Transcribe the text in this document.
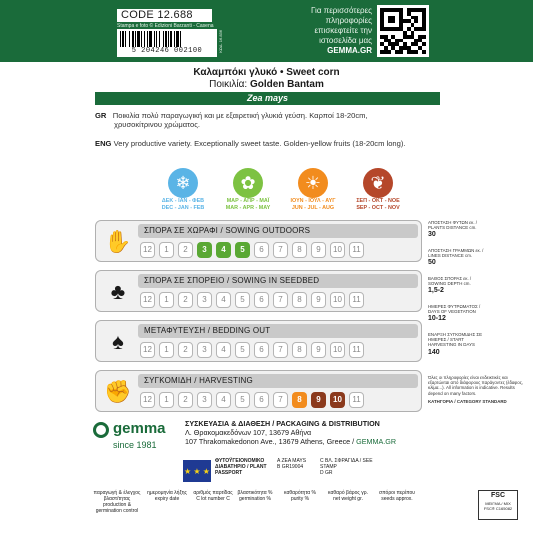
CODE 12.688
Stampa e foto © Edizioni Barzanti - Casena
5 204246 002100	ΚΩΔ. 16.836
Για περισσότερες
πληροφορίες
επισκεφτείτε την
ιστοσελίδα μας
GEMMA.GR
Καλαμπόκι γλυκό • Sweet corn
Ποικιλία: Golden Bantam
Zea mays
GR Ποικιλία πολύ παραγωγική και με εξαιρετική γλυκιά γεύση. Καρποί 18-20cm,
χρυσοκίτρινου χρώματος.
ENG Very productive variety. Exceptionally sweet taste. Golden-yellow fruits (18-20cm long).
❄
ΔΕΚ - ΙΑΝ - ΦΕΒ
DEC - JAN - FEB
✿
ΜΑΡ - ΑΠΡ - ΜΑΪ
MAR - APR - MAY
☀
ΙΟΥΝ - ΙΟΥΛ - ΑΥΓ
JUN - JUL - AUG
❦
ΣΕΠ - ΟΚΤ - ΝΟΕ
SEP - OCT - NOV
✋	ΣΠΟΡΑ ΣΕ ΧΩΡΑΦΙ / SOWING OUTDOORS
12	1	2	3	4	5	6	7	8	9	10	11
♣	ΣΠΟΡΑ ΣΕ ΣΠΟΡΕΙΟ / SOWING IN SEEDBED
12	1	2	3	4	5	6	7	8	9	10	11
♠	ΜΕΤΑΦΥΤΕΥΣΗ / BEDDING OUT
12	1	2	3	4	5	6	7	8	9	10	11
✊	ΣΥΓΚΟΜΙΔΗ / HARVESTING
12	1	2	3	4	5	6	7	8	9	10	11
ΑΠΟΣΤΑΣΗ ΦΥΤΩΝ εκ. / PLANTS DISTANCE cm.
30
ΑΠΟΣΤΑΣΗ ΓΡΑΜΜΩΝ εκ. / LINES DISTANCE cm.
50
ΒΑΘΟΣ ΣΠΟΡΑΣ εκ. / SOWING DEPTH cm.
1,5-2
ΗΜΕΡΕΣ ΦΥΤΡΩΜΑΤΟΣ / DAYS OF VEGETATION
10-12
ΕΝΑΡΞΗ ΣΥΓΚΟΜΙΔΗΣ ΣΕ ΗΜΕΡΕΣ / START HARVESTING IN DAYS
140
Όλες οι πληροφορίες είναι ενδεικτικές και εξαρτώνται από διάφορους παράγοντες (έδαφος, κλίμα...). All information is indicative. Results depend on many factors.
ΚΑΤΗΓΟΡΙΑ / CATEGORY STANDARD
gemma
since 1981
ΣΥΣΚΕΥΑΣΙΑ & ΔΙΑΘΕΣΗ / PACKAGING & DISTRIBUTION
Λ. Θρακομακεδόνων 107, 13679 Αθήνα
107 Thrakomakedonon Ave., 13679 Athens, Greece / GEMMA.GR
★ ★ ★
ΦΥΤΟΫΓΕΙΟΝΟΜΙΚΟ ΔΙΑΒΑΤΗΡΙΟ / PLANT PASSPORT
A ZEA MAYS
B GR19004
C ΒΛ. ΣΦΡΑΓΙΔΑ / SEE STAMP
D GR
παραγωγή & έλεγχος βλαστ/τητας production & germination control
ημερομηνία λήξης expiry date
αριθμός παρτίδας C lot number C
βλαστικότητα % germination %
καθαρότητα % purity %
καθαρό βάρος γρ. net weight gr.
σπόροι περίπου seeds approx.	FSC
ΜΕΙΓΜΑ / MIX
FSC® C165082
